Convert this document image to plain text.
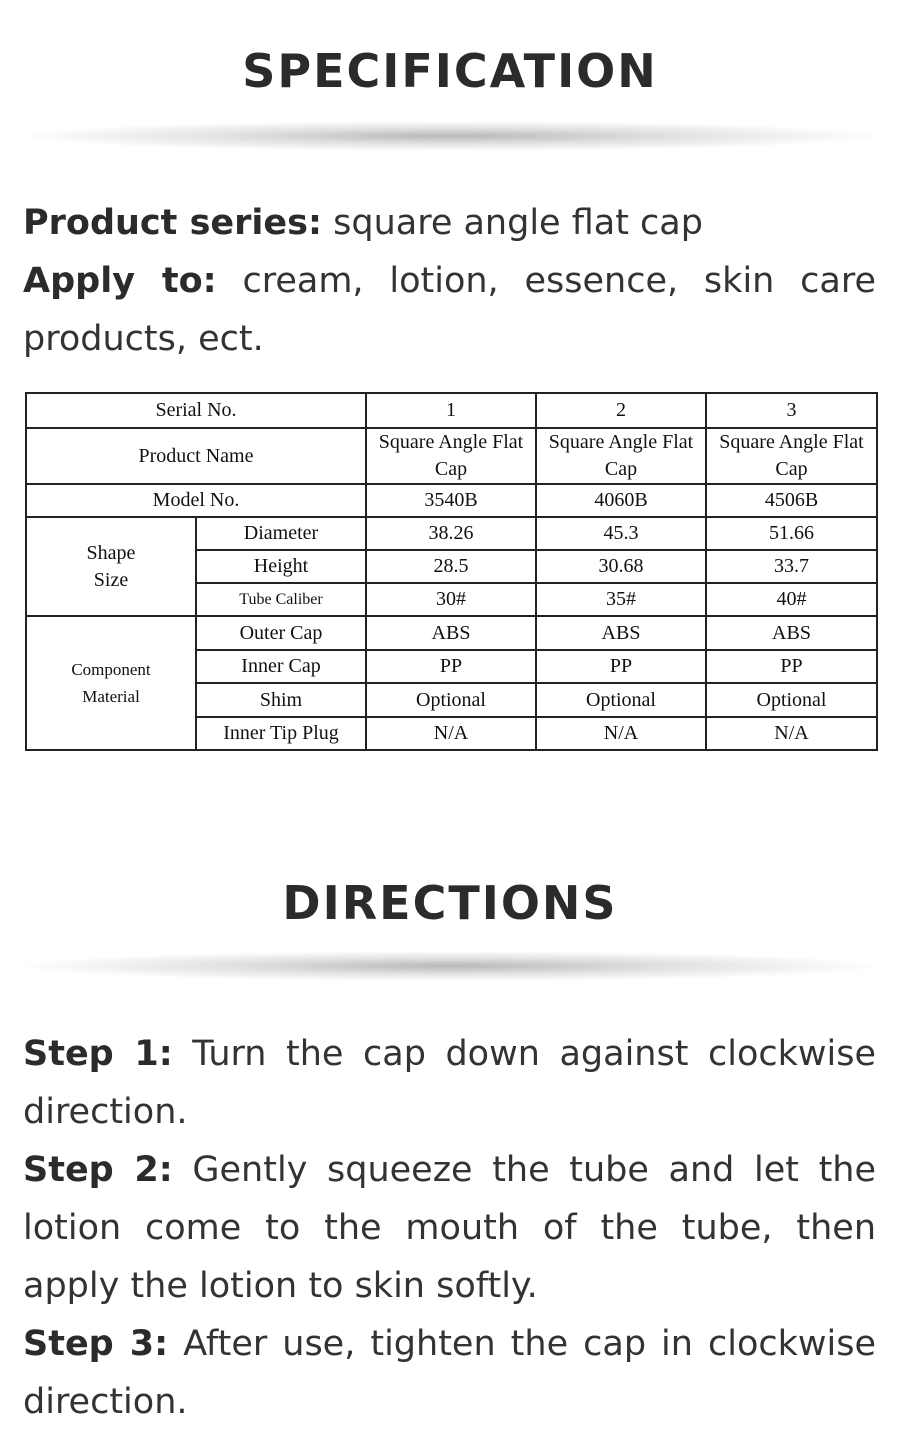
SPECIFICATION
Product series: square angle flat cap
Apply to: cream, lotion, essence, skin care products, ect.
Serial No.		1	2	3
Product Name		Square Angle Flat Cap	Square Angle Flat Cap	Square Angle Flat Cap
Model No.		3540B	4060B	4506B
Shape
Size	Diameter	38.26	45.3	51.66
	Height	28.5	30.68	33.7
	Tube Caliber	30#	35#	40#
Component
Material	Outer Cap	ABS	ABS	ABS
	Inner Cap	PP	PP	PP
	Shim	Optional	Optional	Optional
	Inner Tip Plug	N/A	N/A	N/A
DIRECTIONS
Step 1: Turn the cap down against clockwise direction.
Step 2: Gently squeeze the tube and let the lotion come to the mouth of the tube, then apply the lotion to skin softly.
Step 3: After use, tighten the cap in clockwise direction.
